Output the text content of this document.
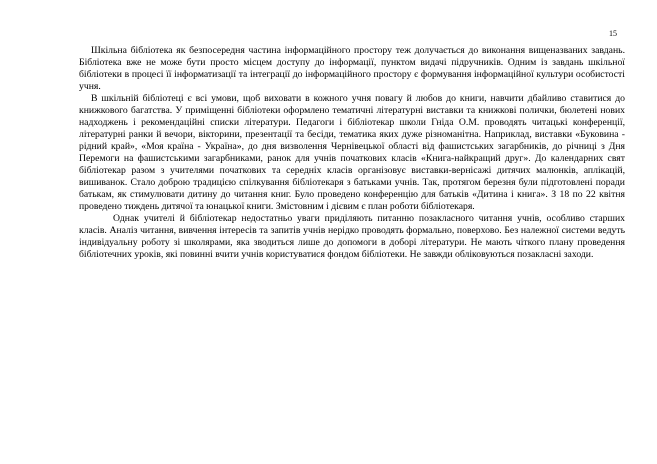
15

Шкільна бібліотека як безпосередня частина інформаційного простору теж долучається до виконання вищеназваних завдань. Бібліотека вже не може бути просто місцем доступу до інформації, пунктом видачі підручників. Одним із завдань шкільної бібліотеки в процесі її інформатизації та інтеграції до інформаційного простору є формування інформаційної культури особистості учня.

В шкільній бібліотеці є всі умови, щоб виховати в кожного учня повагу й любов до книги, навчити дбайливо ставитися до книжкового багатства. У приміщенні бібліотеки оформлено тематичні літературні виставки та книжкові полички, бюлетені нових надходжень і рекомендаційні списки літератури. Педагоги і бібліотекар школи Гніда О.М. проводять читацькі конференції, літературні ранки й вечори, вікторини, презентації та бесіди, тематика яких дуже різноманітна. Наприклад, виставки «Буковина - рідний край», «Моя країна - Україна», до дня визволення Чернівецької області від фашистських загарбників, до річниці з Дня Перемоги на фашистськими загарбниками, ранок для учнів початкових класів «Книга-найкращий друг». До календарних свят бібліотекар разом з учителями початкових та середніх класів організовує виставки-вернісажі дитячих малюнків, аплікацій, вишиванок. Стало доброю традицією спілкування бібліотекаря з батьками учнів. Так, протягом березня були підготовлені поради батькам, як стимулювати дитину до читання книг. Було проведено конференцію для батьків «Дитина і книга». З 18 по 22 квітня проведено тиждень дитячої та юнацької книги. Змістовним і дієвим є план роботи бібліотекаря.

Однак учителі й бібліотекар недостатньо уваги приділяють питанню позакласного читання учнів, особливо старших класів. Аналіз читання, вивчення інтересів та запитів учнів нерідко проводять формально, поверхово. Без належної системи ведуть індивідуальну роботу зі школярами, яка зводиться лише до допомоги в доборі літератури. Не мають чіткого плану проведення бібліотечних уроків, які повинні вчити учнів користуватися фондом бібліотеки. Не завжди обліковуються позакласні заходи.
